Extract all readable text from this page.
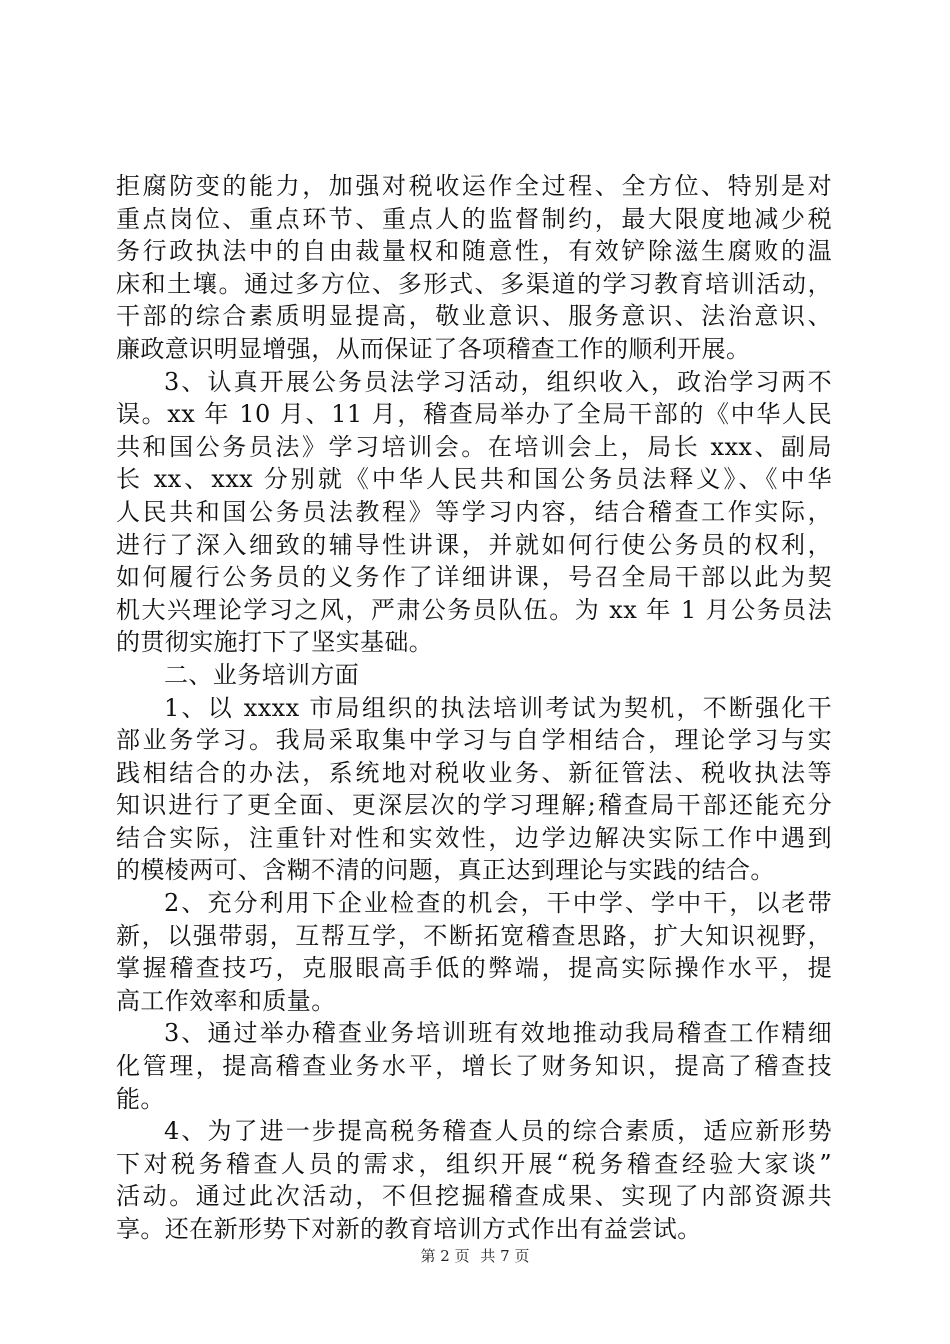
拒腐防变的能力，加强对税收运作全过程、全方位、特别是对
重点岗位、重点环节、重点人的监督制约，最大限度地减少税
务行政执法中的自由裁量权和随意性，有效铲除滋生腐败的温
床和土壤。通过多方位、多形式、多渠道的学习教育培训活动，
干部的综合素质明显提高，敬业意识、服务意识、法治意识、
廉政意识明显增强，从而保证了各项稽查工作的顺利开展。
3、认真开展公务员法学习活动，组织收入，政治学习两不
误。xx 年 10 月、11 月，稽查局举办了全局干部的《中华人民
共和国公务员法》学习培训会。在培训会上，局长 xxx、副局
长 xx、xxx 分别就《中华人民共和国公务员法释义》、《中华
人民共和国公务员法教程》等学习内容，结合稽查工作实际，
进行了深入细致的辅导性讲课，并就如何行使公务员的权利，
如何履行公务员的义务作了详细讲课，号召全局干部以此为契
机大兴理论学习之风，严肃公务员队伍。为 xx 年 1 月公务员法
的贯彻实施打下了坚实基础。
二、业务培训方面
1、以 xxxx 市局组织的执法培训考试为契机，不断强化干
部业务学习。我局采取集中学习与自学相结合，理论学习与实
践相结合的办法，系统地对税收业务、新征管法、税收执法等
知识进行了更全面、更深层次的学习理解;稽查局干部还能充分
结合实际，注重针对性和实效性，边学边解决实际工作中遇到
的模棱两可、含糊不清的问题，真正达到理论与实践的结合。
2、充分利用下企业检查的机会，干中学、学中干，以老带
新，以强带弱，互帮互学，不断拓宽稽查思路，扩大知识视野，
掌握稽查技巧，克服眼高手低的弊端，提高实际操作水平，提
高工作效率和质量。
3、通过举办稽查业务培训班有效地推动我局稽查工作精细
化管理，提高稽查业务水平，增长了财务知识，提高了稽查技
能。
4、为了进一步提高税务稽查人员的综合素质，适应新形势
下对税务稽查人员的需求，组织开展“税务稽查经验大家谈”
活动。通过此次活动，不但挖掘稽查成果、实现了内部资源共
享。还在新形势下对新的教育培训方式作出有益尝试。
第 2 页 共 7 页
